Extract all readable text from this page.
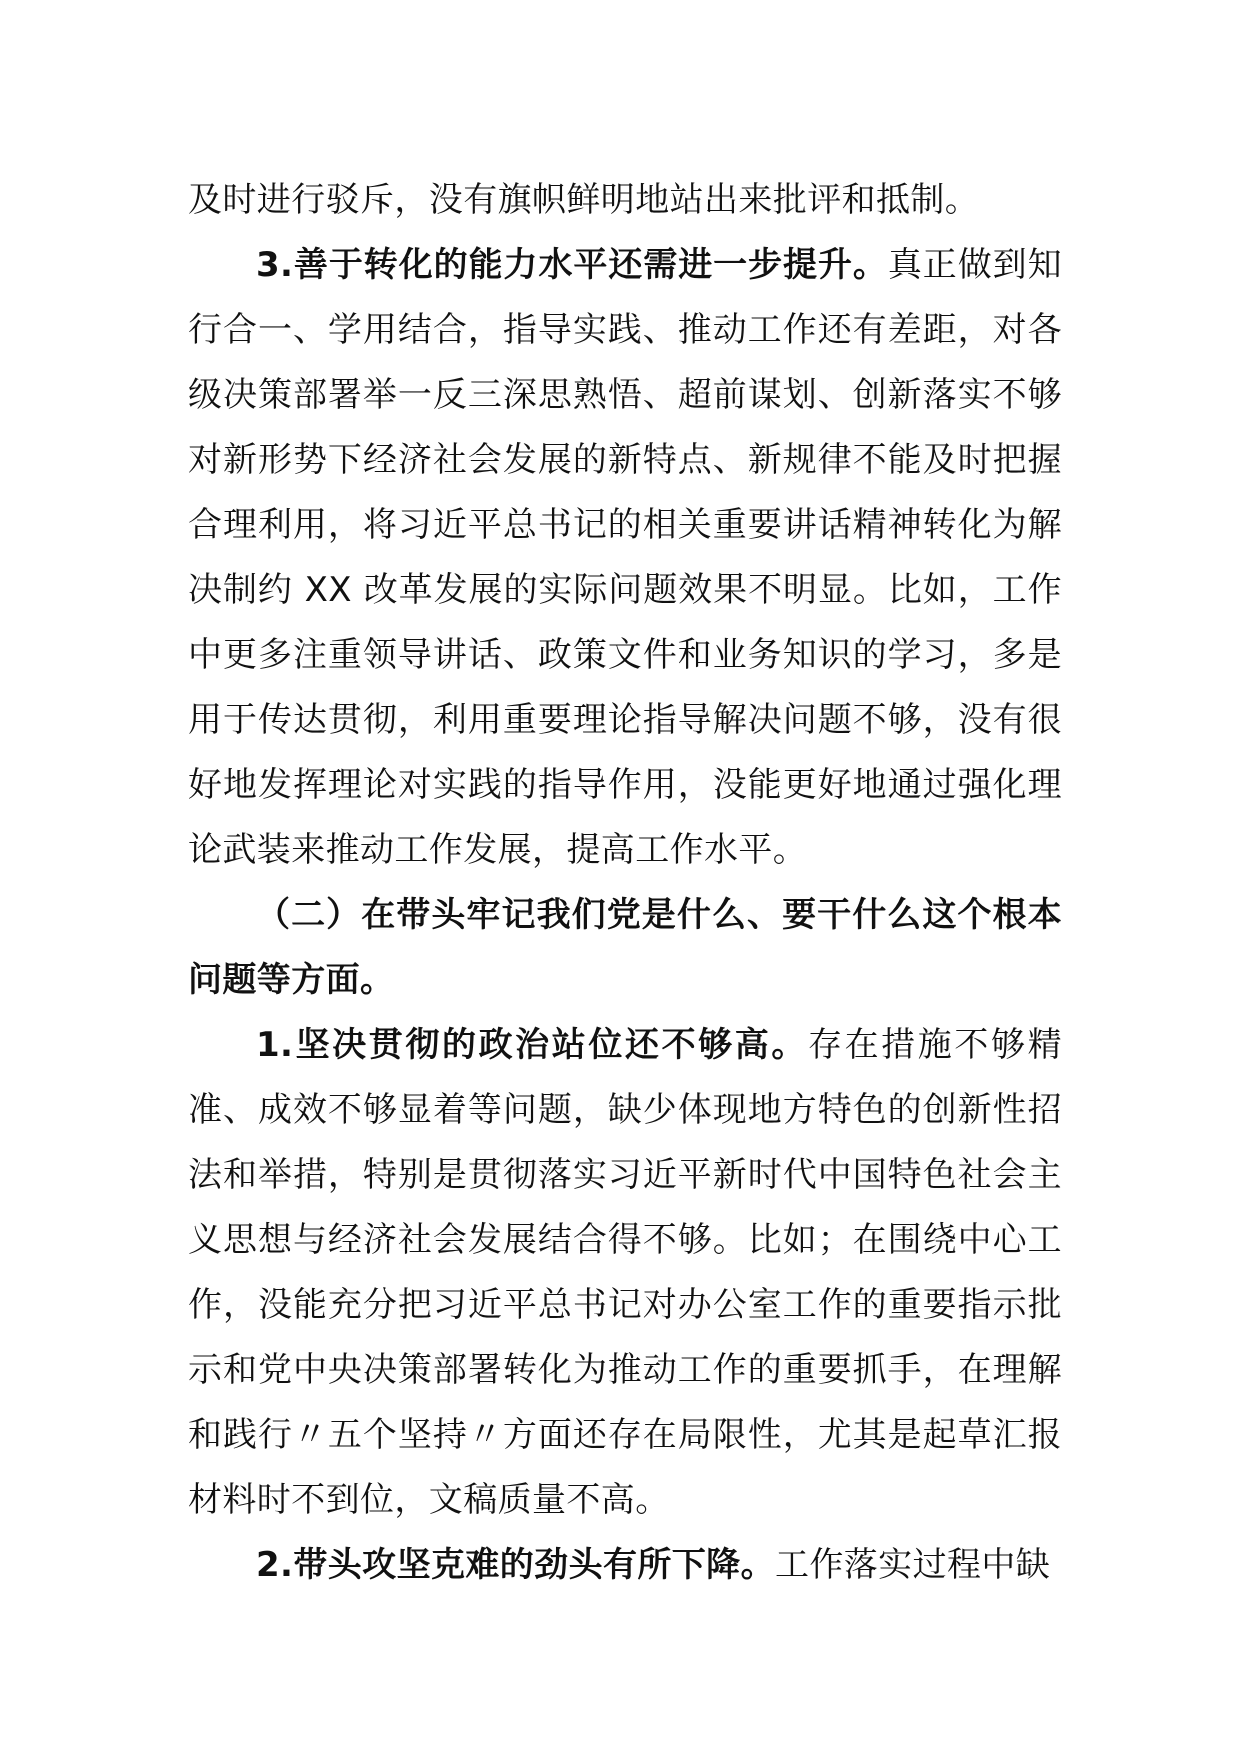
及时进行驳斥，没有旗帜鲜明地站出来批评和抵制。

3.善于转化的能力水平还需进一步提升。真正做到知行合一、学用结合，指导实践、推动工作还有差距，对各级决策部署举一反三深思熟悟、超前谋划、创新落实不够对新形势下经济社会发展的新特点、新规律不能及时把握合理利用，将习近平总书记的相关重要讲话精神转化为解决制约 XX 改革发展的实际问题效果不明显。比如，工作中更多注重领导讲话、政策文件和业务知识的学习，多是用于传达贯彻，利用重要理论指导解决问题不够，没有很好地发挥理论对实践的指导作用，没能更好地通过强化理论武装来推动工作发展，提高工作水平。

（二）在带头牢记我们党是什么、要干什么这个根本问题等方面。

1.坚决贯彻的政治站位还不够高。存在措施不够精准、成效不够显着等问题，缺少体现地方特色的创新性招法和举措，特别是贯彻落实习近平新时代中国特色社会主义思想与经济社会发展结合得不够。比如；在围绕中心工作，没能充分把习近平总书记对办公室工作的重要指示批示和党中央决策部署转化为推动工作的重要抓手，在理解和践行〃五个坚持〃方面还存在局限性，尤其是起草汇报材料时不到位，文稿质量不高。

2.带头攻坚克难的劲头有所下降。工作落实过程中缺
